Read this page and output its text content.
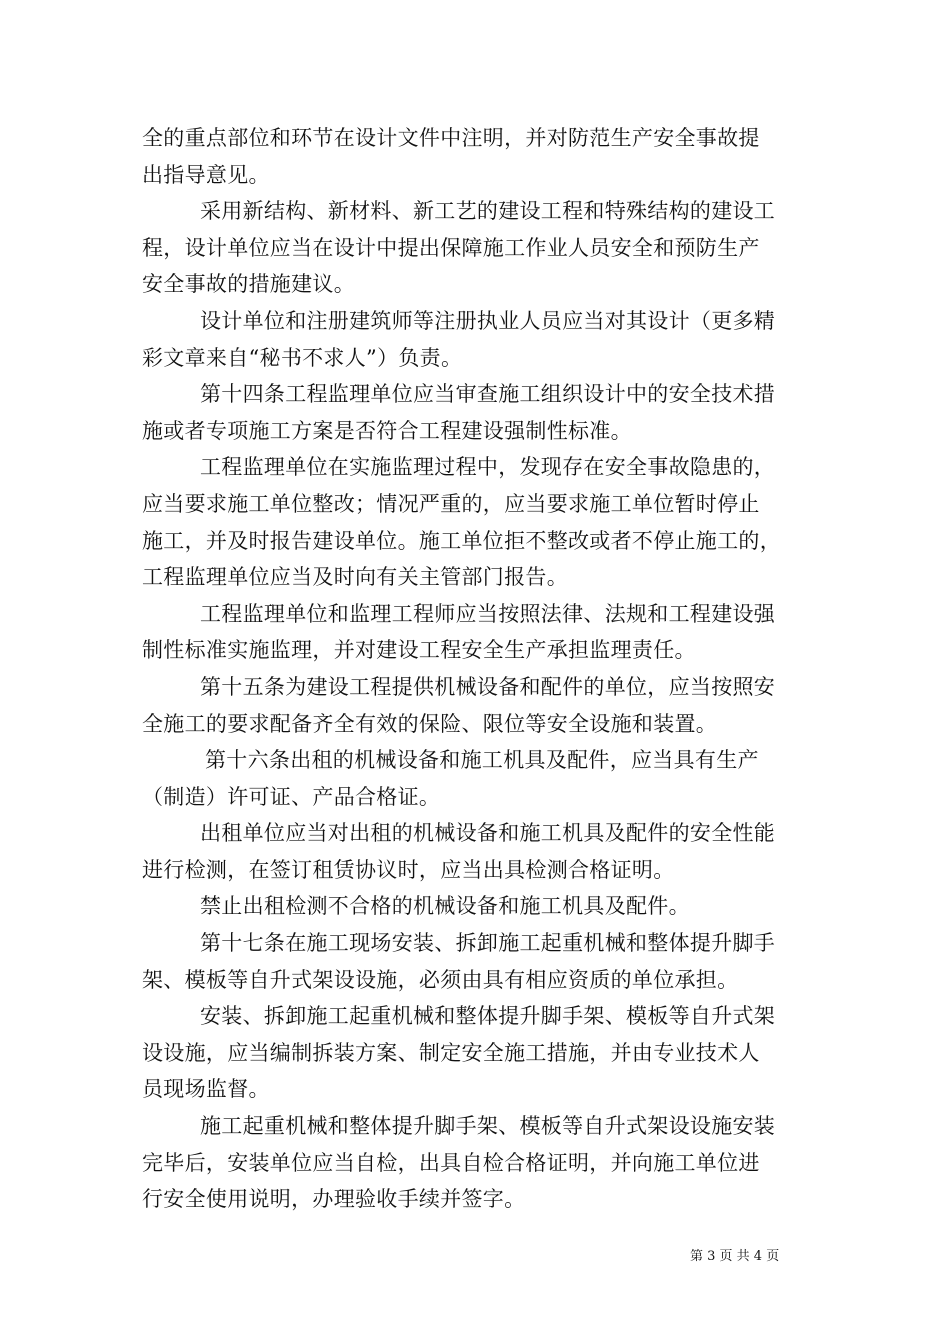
全的重点部位和环节在设计文件中注明，并对防范生产安全事故提
出指导意见。
采用新结构、新材料、新工艺的建设工程和特殊结构的建设工
程，设计单位应当在设计中提出保障施工作业人员安全和预防生产
安全事故的措施建议。
设计单位和注册建筑师等注册执业人员应当对其设计（更多精
彩文章来自“秘书不求人”）负责。
第十四条工程监理单位应当审查施工组织设计中的安全技术措
施或者专项施工方案是否符合工程建设强制性标准。
工程监理单位在实施监理过程中，发现存在安全事故隐患的，
应当要求施工单位整改；情况严重的，应当要求施工单位暂时停止
施工，并及时报告建设单位。施工单位拒不整改或者不停止施工的，
工程监理单位应当及时向有关主管部门报告。
工程监理单位和监理工程师应当按照法律、法规和工程建设强
制性标准实施监理，并对建设工程安全生产承担监理责任。
第十五条为建设工程提供机械设备和配件的单位，应当按照安
全施工的要求配备齐全有效的保险、限位等安全设施和装置。
第十六条出租的机械设备和施工机具及配件，应当具有生产
（制造）许可证、产品合格证。
出租单位应当对出租的机械设备和施工机具及配件的安全性能
进行检测，在签订租赁协议时，应当出具检测合格证明。
禁止出租检测不合格的机械设备和施工机具及配件。
第十七条在施工现场安装、拆卸施工起重机械和整体提升脚手
架、模板等自升式架设设施，必须由具有相应资质的单位承担。
安装、拆卸施工起重机械和整体提升脚手架、模板等自升式架
设设施，应当编制拆装方案、制定安全施工措施，并由专业技术人
员现场监督。
施工起重机械和整体提升脚手架、模板等自升式架设设施安装
完毕后，安装单位应当自检，出具自检合格证明，并向施工单位进
行安全使用说明，办理验收手续并签字。
第 3 页 共 4 页
